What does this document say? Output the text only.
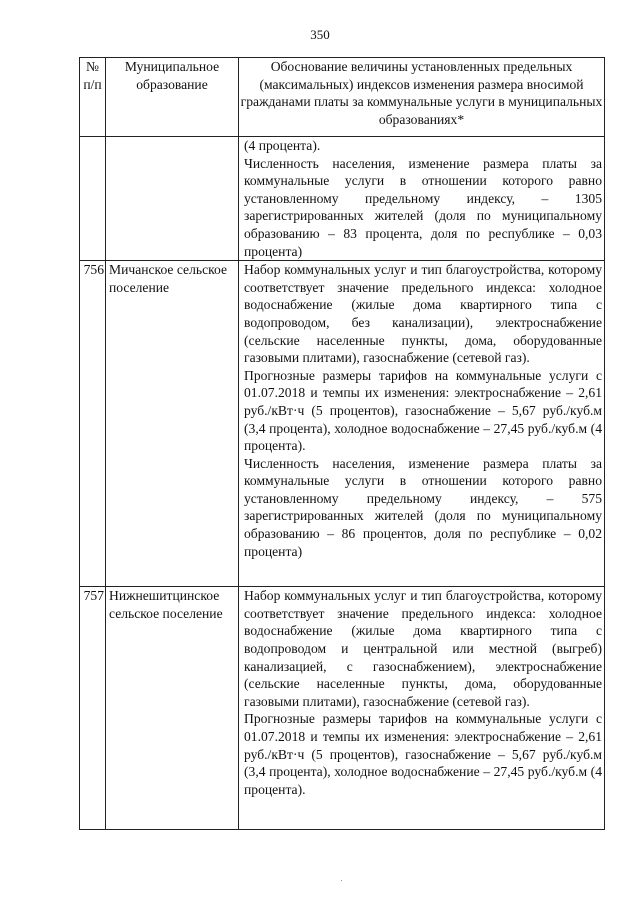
350
№ п/п	Муниципальное образование	Обоснование величины установленных предельных (максимальных) индексов изменения размера вносимой гражданами платы за коммунальные услуги в муниципальных образованиях*

		(4 процента).
Численность населения, изменение размера платы за коммунальные услуги в отношении которого равно установленному предельному индексу, – 1305 зарегистрированных жителей (доля по муниципальному образованию – 83 процента, доля по республике – 0,03 процента)

756	Мичанское сельское поселение	Набор коммунальных услуг и тип благоустройства, которому соответствует значение предельного индекса: холодное водоснабжение (жилые дома квартирного типа с водопроводом, без канализации), электроснабжение (сельские населенные пункты, дома, оборудованные газовыми плитами), газоснабжение (сетевой газ).
Прогнозные размеры тарифов на коммунальные услуги с 01.07.2018 и темпы их изменения: электроснабжение – 2,61 руб./кВт·ч (5 процентов), газоснабжение – 5,67 руб./куб.м (3,4 процента), холодное водоснабжение – 27,45 руб./куб.м (4 процента).
Численность населения, изменение размера платы за коммунальные услуги в отношении которого равно установленному предельному индексу, – 575 зарегистрированных жителей (доля по муниципальному образованию – 86 процентов, доля по республике – 0,02 процента)

757	Нижнешитцинское сельское поселение	Набор коммунальных услуг и тип благоустройства, которому соответствует значение предельного индекса: холодное водоснабжение (жилые дома квартирного типа с водопроводом и центральной или местной (выгреб) канализацией, с газоснабжением), электроснабжение (сельские населенные пункты, дома, оборудованные газовыми плитами), газоснабжение (сетевой газ).
Прогнозные размеры тарифов на коммунальные услуги с 01.07.2018 и темпы их изменения: электроснабжение – 2,61 руб./кВт·ч (5 процентов), газоснабжение – 5,67 руб./куб.м (3,4 процента), холодное водоснабжение – 27,45 руб./куб.м (4 процента).
